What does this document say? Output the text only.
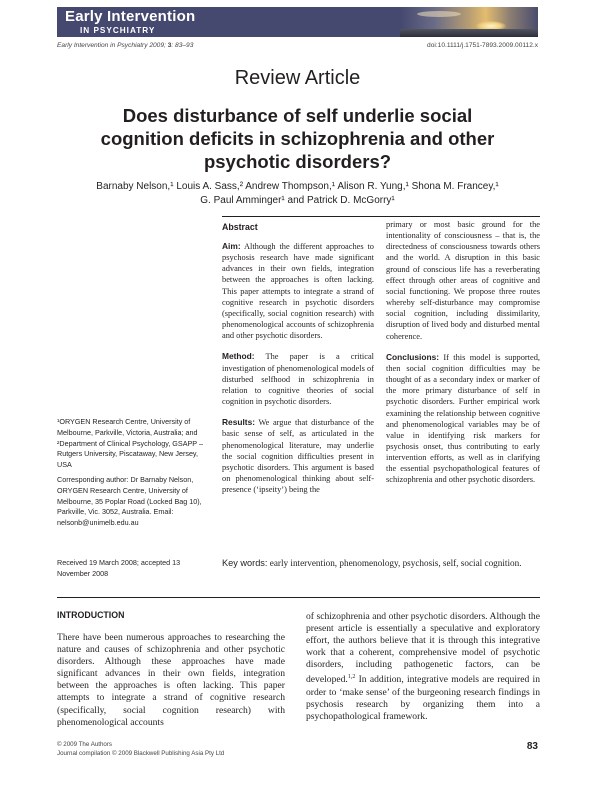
Early Intervention
IN PSYCHIATRY
Early Intervention in Psychiatry 2009; 3: 83–93	doi:10.1111/j.1751-7893.2009.00112.x
Review Article
Does disturbance of self underlie social cognition deficits in schizophrenia and other psychotic disorders?
Barnaby Nelson,¹ Louis A. Sass,² Andrew Thompson,¹ Alison R. Yung,¹ Shona M. Francey,¹
G. Paul Amminger¹ and Patrick D. McGorry¹

¹ORYGEN Research Centre, University of Melbourne, Parkville, Victoria, Australia; and ²Department of Clinical Psychology, GSAPP – Rutgers University, Piscataway, New Jersey, USA

Corresponding author: Dr Barnaby Nelson, ORYGEN Research Centre, University of Melbourne, 35 Poplar Road (Locked Bag 10), Parkville, Vic. 3052, Australia. Email: nelsonb@unimelb.edu.au

Received 19 March 2008; accepted 13 November 2008

Abstract

Aim: Although the different approaches to psychosis research have made significant advances in their own fields, integration between the approaches is often lacking. This paper attempts to integrate a strand of cognitive research in psychotic disorders (specifically, social cognition research) with phenomenological accounts of schizophrenia and other psychotic disorders.

Method: The paper is a critical investigation of phenomenological models of disturbed selfhood in schizophrenia in relation to cognitive theories of social cognition in psychotic disorders.

Results: We argue that disturbance of the basic sense of self, as articulated in the phenomenological literature, may underlie the social cognition difficulties present in psychotic disorders. This argument is based on phenomenological thinking about self-presence (‘ipseity’) being the

primary or most basic ground for the intentionality of consciousness – that is, the directedness of consciousness towards others and the world. A disruption in this basic ground of conscious life has a reverberating effect through other areas of cognitive and social functioning. We propose three routes whereby self-disturbance may compromise social cognition, including dissimilarity, disruption of lived body and disturbed mental coherence.

Conclusions: If this model is supported, then social cognition difficulties may be thought of as a secondary index or marker of the more primary disturbance of self in psychotic disorders. Further empirical work examining the relationship between cognitive and phenomenological variables may be of value in identifying risk markers for psychosis onset, thus contributing to early intervention efforts, as well as in clarifying the essential psychopathological features of schizophrenia and other psychotic disorders.

Key words: early intervention, phenomenology, psychosis, self, social cognition.
INTRODUCTION
There have been numerous approaches to researching the nature and causes of schizophrenia and other psychotic disorders. Although these approaches have made significant advances in their own fields, integration between the approaches is often lacking. This paper attempts to integrate a strand of cognitive research (specifically, social cognition research) with phenomenological accounts
of schizophrenia and other psychotic disorders. Although the present article is essentially a speculative and exploratory effort, the authors believe that it is through this integrative work that a coherent, comprehensive model of psychotic disorders, including pathogenetic factors, can be developed.$^{1,2}$ In addition, integrative models are required in order to ‘make sense’ of the burgeoning research findings in psychosis research by organizing them into a psychopathological framework.
© 2009 The Authors
Journal compilation © 2009 Blackwell Publishing Asia Pty Ltd
83
